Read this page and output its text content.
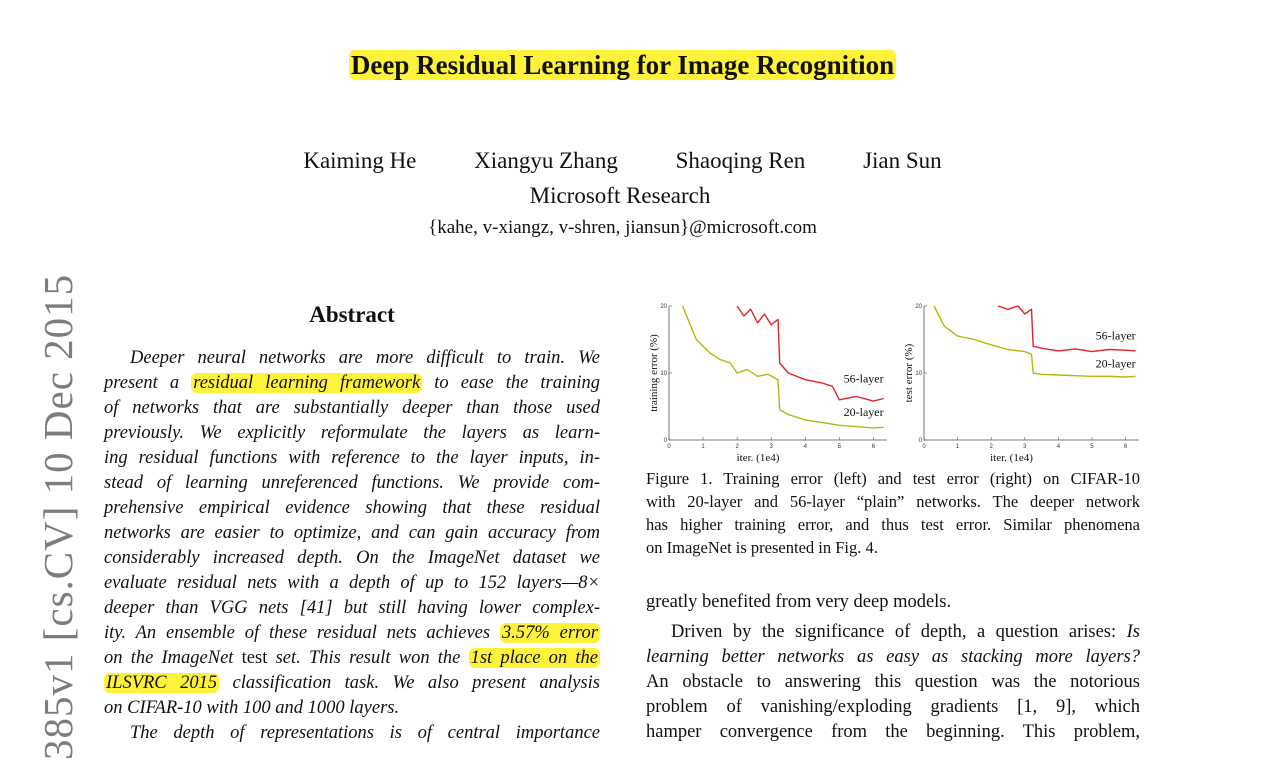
385v1 [cs.CV] 10 Dec 2015
Deep Residual Learning for Image Recognition
Kaiming He	Xiangyu Zhang	Shaoqing Ren	Jian Sun
Microsoft Research
{kahe, v-xiangz, v-shren, jiansun}@microsoft.com
Abstract
Deeper neural networks are more difficult to train. We
present a residual learning framework to ease the training
of networks that are substantially deeper than those used
previously. We explicitly reformulate the layers as learn-
ing residual functions with reference to the layer inputs, in-
stead of learning unreferenced functions. We provide com-
prehensive empirical evidence showing that these residual
networks are easier to optimize, and can gain accuracy from
considerably increased depth. On the ImageNet dataset we
evaluate residual nets with a depth of up to 152 layers—8×
deeper than VGG nets [41] but still having lower complex-
ity. An ensemble of these residual nets achieves 3.57% error
on the ImageNet test set. This result won the 1st place on the
ILSVRC 2015 classification task. We also present analysis
on CIFAR-10 with 100 and 1000 layers.
The depth of representations is of central importance
0	1	2	3	4	5	6
0
10
20
iter. (1e4)
training error (%)	56-layer
20-layer
0	1	2	3	4	5	6
0
10
20
iter. (1e4)
test error (%)
56-layer
20-layer
Figure 1. Training error (left) and test error (right) on CIFAR-10
with 20-layer and 56-layer “plain” networks. The deeper network
has higher training error, and thus test error. Similar phenomena
on ImageNet is presented in Fig. 4.
greatly benefited from very deep models.
Driven by the significance of depth, a question arises: Is
learning better networks as easy as stacking more layers?
An obstacle to answering this question was the notorious
problem of vanishing/exploding gradients [1, 9], which
hamper convergence from the beginning. This problem,
